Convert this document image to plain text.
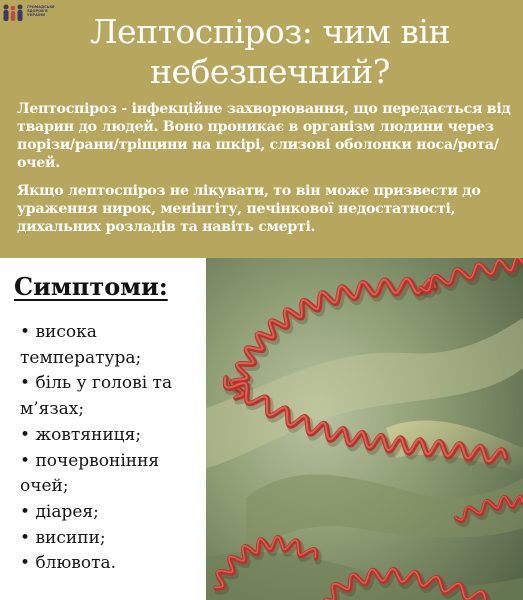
ГРОМАДСЬКЕ ЗДОРОВ'Я УКРАЇНИ	Лептоспіроз: чим він небезпечний?

Лептоспіроз - інфекційне захворювання, що передається від тварин до людей. Воно проникає в організм людини через порізи/рани/тріщини на шкірі, слизові оболонки носа/рота/очей.

Якщо лептоспіроз не лікувати, то він може призвести до ураження нирок, менінгіту, печінкової недостатності, дихальних розладів та навіть смерті.

Симптоми:
• висока температура;
• біль у голові та м’язах;
• жовтяниця;
• почервоніння очей;
• діарея;
• висипи;
• блювота.
